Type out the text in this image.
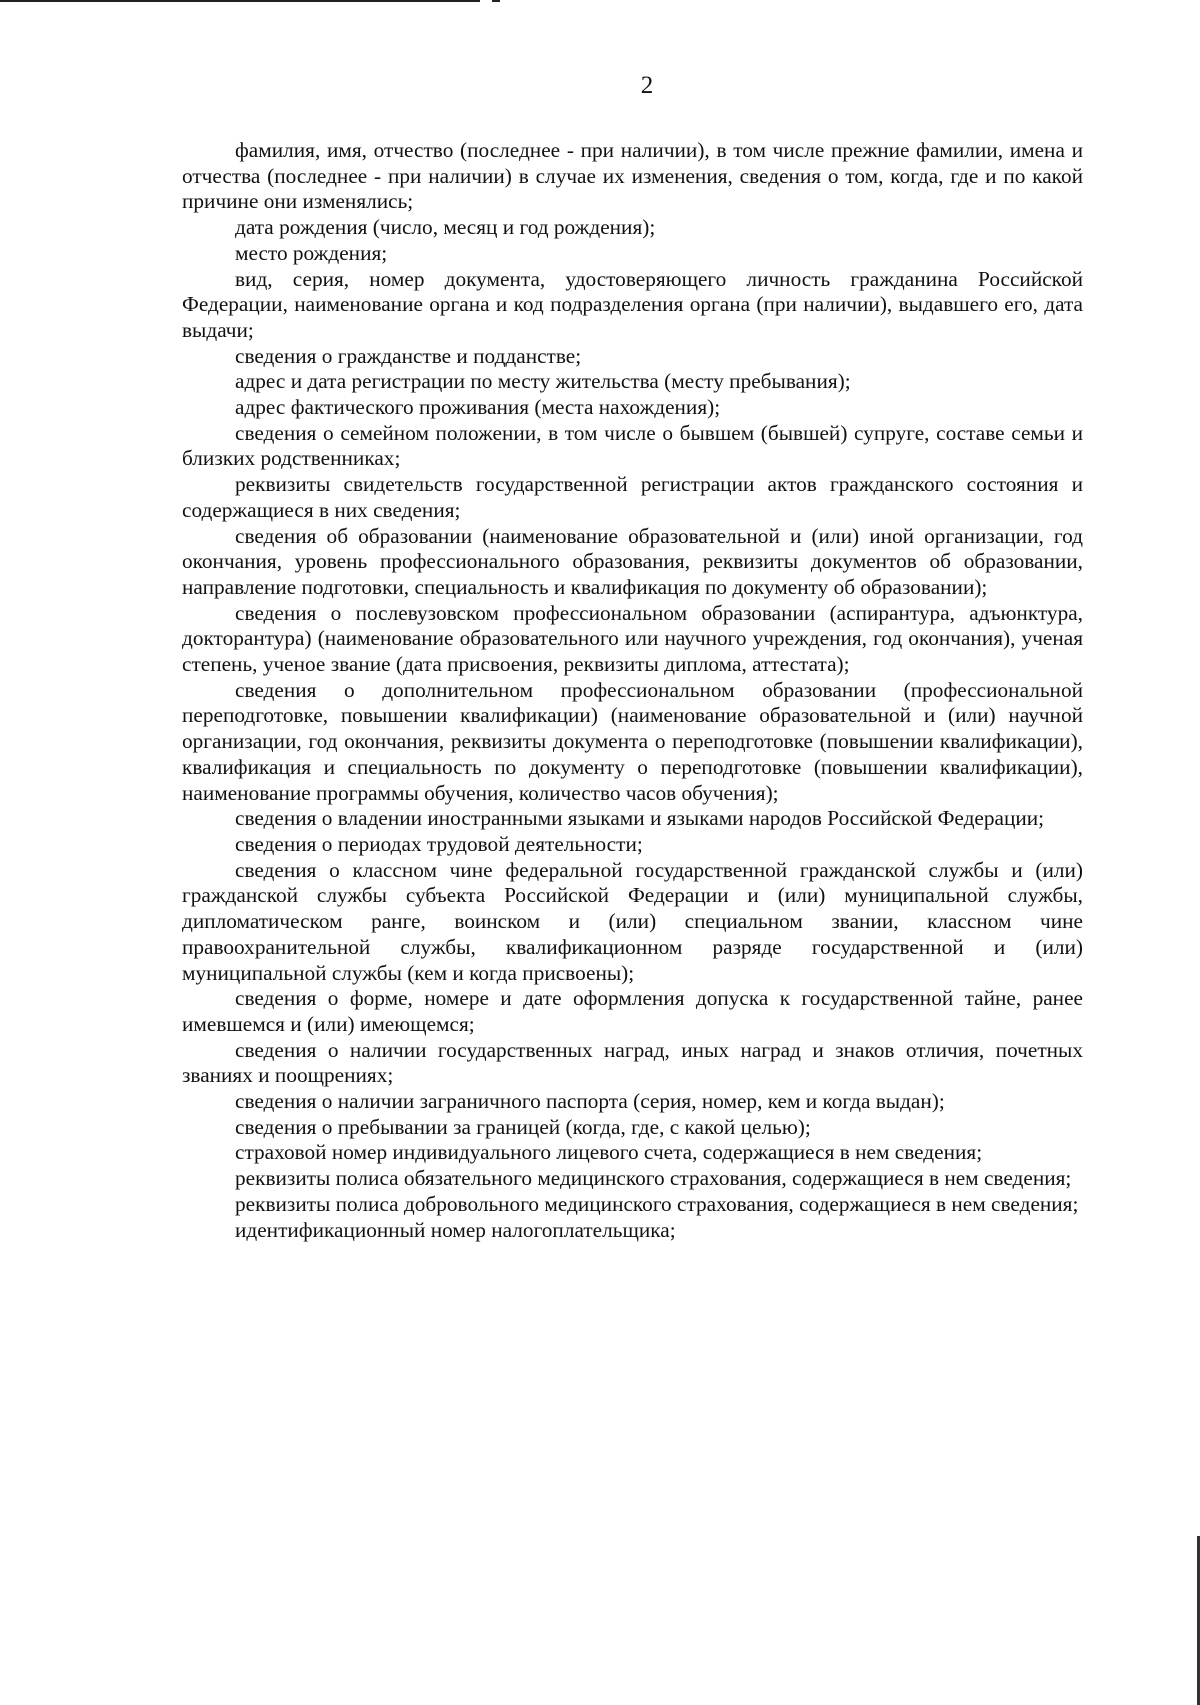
2

фамилия, имя, отчество (последнее - при наличии), в том числе прежние фамилии, имена и отчества (последнее - при наличии) в случае их изменения, сведения о том, когда, где и по какой причине они изменялись;

дата рождения (число, месяц и год рождения);

место рождения;

вид, серия, номер документа, удостоверяющего личность гражданина Российской Федерации, наименование органа и код подразделения органа (при наличии), выдавшего его, дата выдачи;

сведения о гражданстве и подданстве;

адрес и дата регистрации по месту жительства (месту пребывания);

адрес фактического проживания (места нахождения);

сведения о семейном положении, в том числе о бывшем (бывшей) супруге, составе семьи и близких родственниках;

реквизиты свидетельств государственной регистрации актов гражданского состояния и содержащиеся в них сведения;

сведения об образовании (наименование образовательной и (или) иной организации, год окончания, уровень профессионального образования, реквизиты документов об образовании, направление подготовки, специальность и квалификация по документу об образовании);

сведения о послевузовском профессиональном образовании (аспирантура, адъюнктура, докторантура) (наименование образовательного или научного учреждения, год окончания), ученая степень, ученое звание (дата присвоения, реквизиты диплома, аттестата);

сведения о дополнительном профессиональном образовании (профессиональной переподготовке, повышении квалификации) (наименование образовательной и (или) научной организации, год окончания, реквизиты документа о переподготовке (повышении квалификации), квалификация и специальность по документу о переподготовке (повышении квалификации), наименование программы обучения, количество часов обучения);

сведения о владении иностранными языками и языками народов Российской Федерации;

сведения о периодах трудовой деятельности;

сведения о классном чине федеральной государственной гражданской службы и (или) гражданской службы субъекта Российской Федерации и (или) муниципальной службы, дипломатическом ранге, воинском и (или) специальном звании, классном чине правоохранительной службы, квалификационном разряде государственной и (или) муниципальной службы (кем и когда присвоены);

сведения о форме, номере и дате оформления допуска к государственной тайне, ранее имевшемся и (или) имеющемся;

сведения о наличии государственных наград, иных наград и знаков отличия, почетных званиях и поощрениях;

сведения о наличии заграничного паспорта (серия, номер, кем и когда выдан);

сведения о пребывании за границей (когда, где, с какой целью);

страховой номер индивидуального лицевого счета, содержащиеся в нем сведения;

реквизиты полиса обязательного медицинского страхования, содержащиеся в нем сведения;

реквизиты полиса добровольного медицинского страхования, содержащиеся в нем сведения;

идентификационный номер налогоплательщика;
